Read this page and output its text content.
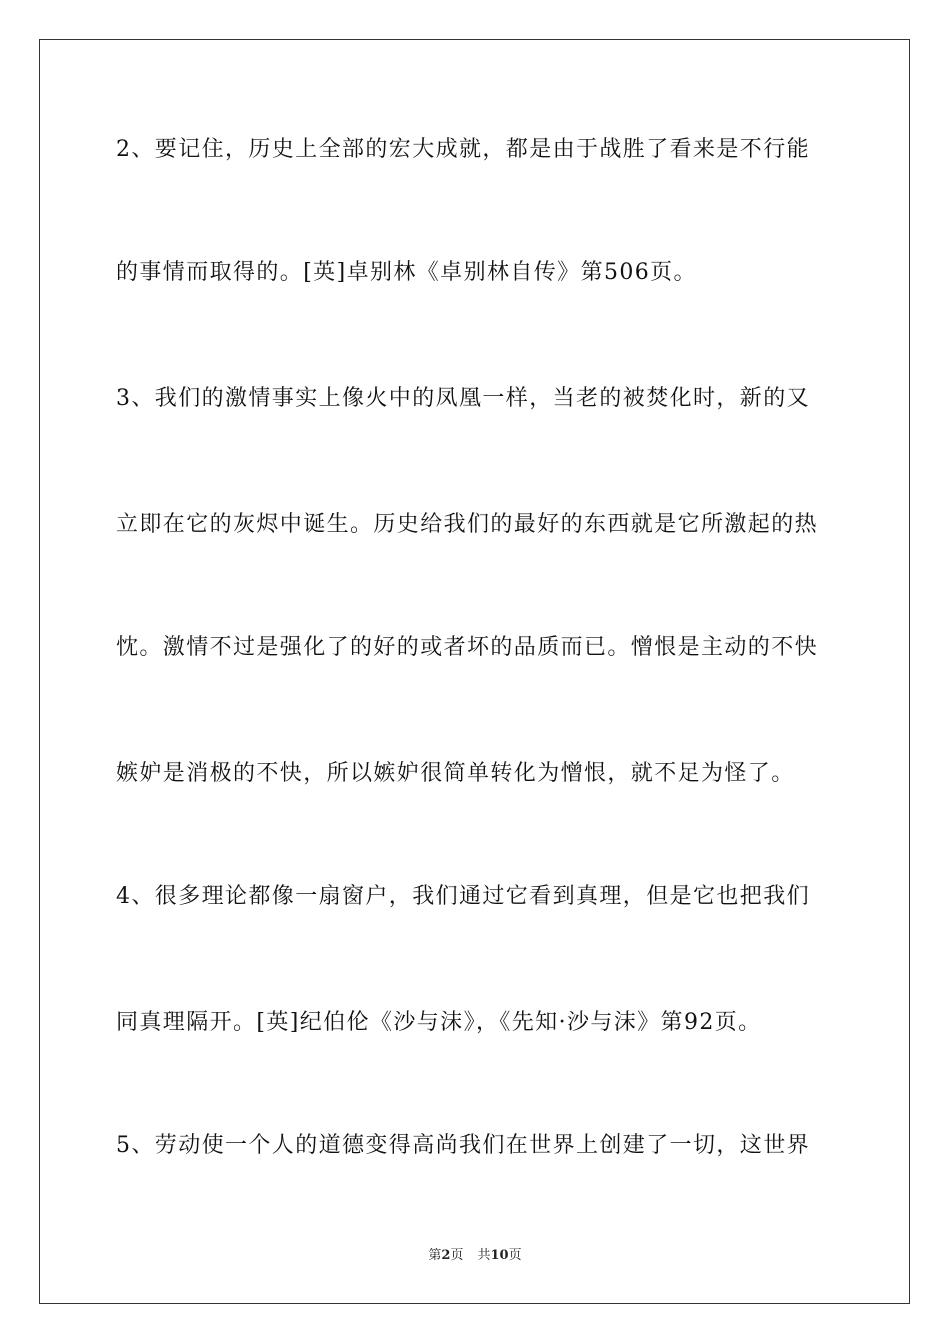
2、要记住，历史上全部的宏大成就，都是由于战胜了看来是不行能
的事情而取得的。[英]卓别林《卓别林自传》第506页。
3、我们的激情事实上像火中的凤凰一样，当老的被焚化时，新的又
立即在它的灰烬中诞生。历史给我们的最好的东西就是它所激起的热
忱。激情不过是强化了的好的或者坏的品质而已。憎恨是主动的不快
嫉妒是消极的不快，所以嫉妒很简单转化为憎恨，就不足为怪了。
4、很多理论都像一扇窗户，我们通过它看到真理，但是它也把我们
同真理隔开。[英]纪伯伦《沙与沫》，《先知·沙与沫》第92页。
5、劳动使一个人的道德变得高尚我们在世界上创建了一切，这世界
第2页 共10页
